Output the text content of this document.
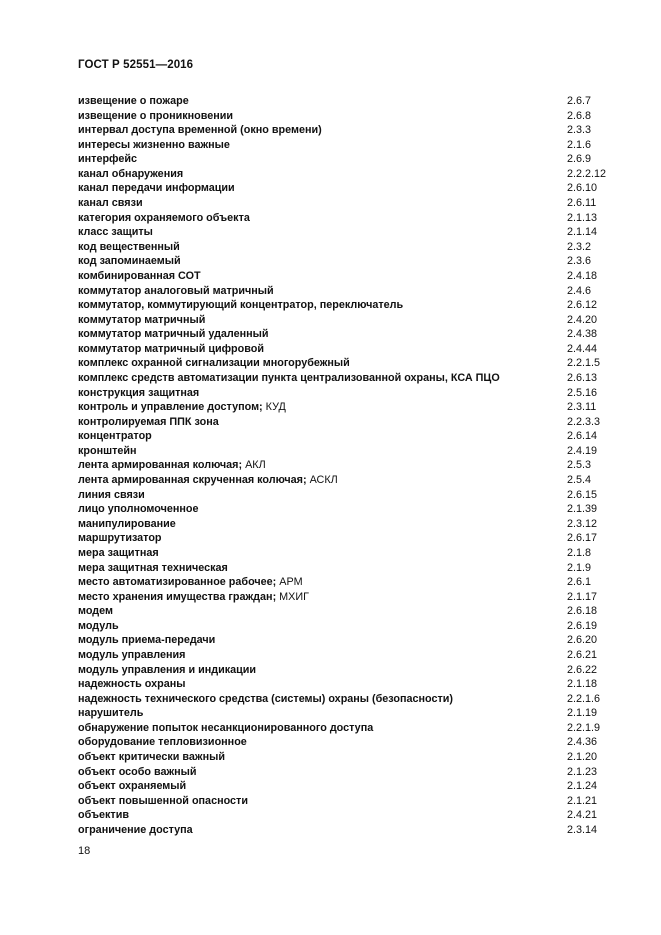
ГОСТ Р 52551—2016
извещение о пожаре	2.6.7
извещение о проникновении	2.6.8
интервал доступа временной (окно времени)	2.3.3
интересы жизненно важные	2.1.6
интерфейс	2.6.9
канал обнаружения	2.2.2.12
канал передачи информации	2.6.10
канал связи	2.6.11
категория охраняемого объекта	2.1.13
класс защиты	2.1.14
код вещественный	2.3.2
код запоминаемый	2.3.6
комбинированная СОТ	2.4.18
коммутатор аналоговый матричный	2.4.6
коммутатор, коммутирующий концентратор, переключатель	2.6.12
коммутатор матричный	2.4.20
коммутатор матричный удаленный	2.4.38
коммутатор матричный цифровой	2.4.44
комплекс охранной сигнализации многорубежный	2.2.1.5
комплекс средств автоматизации пункта централизованной охраны, КСА ПЦО	2.6.13
конструкция защитная	2.5.16
контроль и управление доступом; КУД	2.3.11
контролируемая ППК зона	2.2.3.3
концентратор	2.6.14
кронштейн	2.4.19
лента армированная колючая; АКЛ	2.5.3
лента армированная скрученная колючая; АСКЛ	2.5.4
линия связи	2.6.15
лицо уполномоченное	2.1.39
манипулирование	2.3.12
маршрутизатор	2.6.17
мера защитная	2.1.8
мера защитная техническая	2.1.9
место автоматизированное рабочее; АРМ	2.6.1
место хранения имущества граждан; МХИГ	2.1.17
модем	2.6.18
модуль	2.6.19
модуль приема-передачи	2.6.20
модуль управления	2.6.21
модуль управления и индикации	2.6.22
надежность охраны	2.1.18
надежность технического средства (системы) охраны (безопасности)	2.2.1.6
нарушитель	2.1.19
обнаружение попыток несанкционированного доступа	2.2.1.9
оборудование тепловизионное	2.4.36
объект критически важный	2.1.20
объект особо важный	2.1.23
объект охраняемый	2.1.24
объект повышенной опасности	2.1.21
объектив	2.4.21
ограничение доступа	2.3.14
18
